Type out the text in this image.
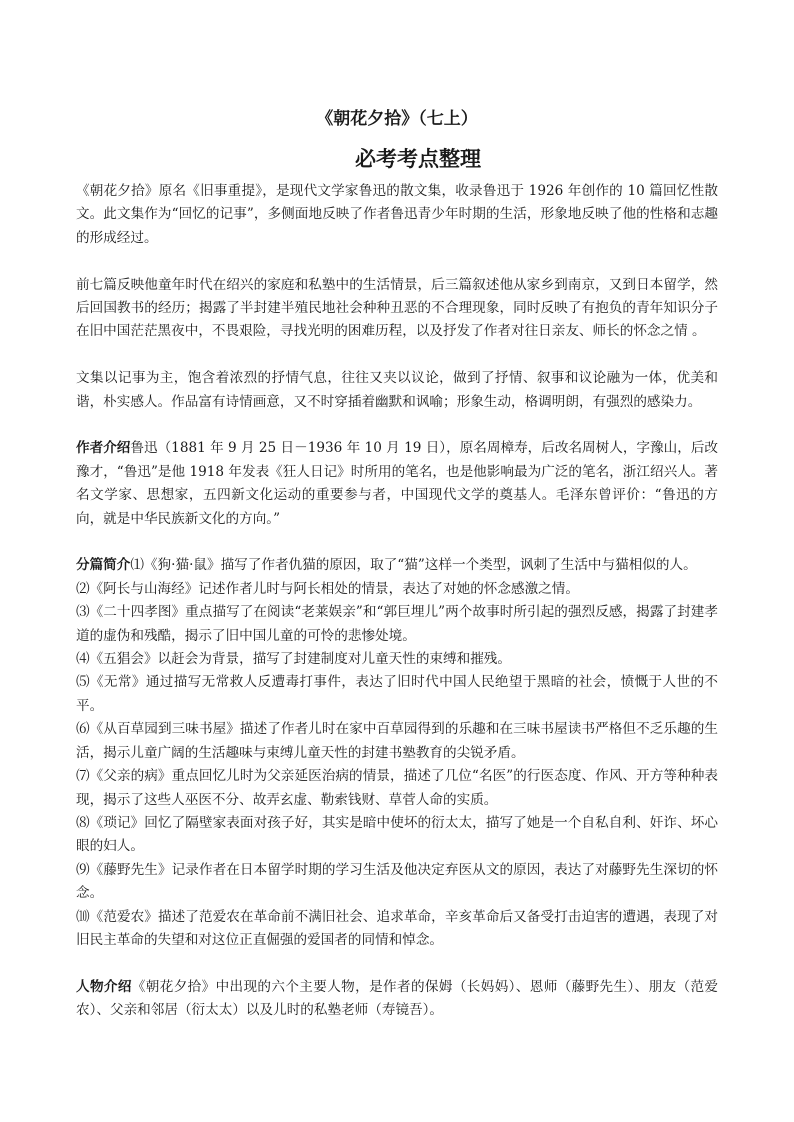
《朝花夕拾》（七上）
必考考点整理

《朝花夕拾》原名《旧事重提》，是现代文学家鲁迅的散文集，收录鲁迅于 1926 年创作的 10 篇回忆性散文。此文集作为“回忆的记事”，多侧面地反映了作者鲁迅青少年时期的生活，形象地反映了他的性格和志趣的形成经过。

前七篇反映他童年时代在绍兴的家庭和私塾中的生活情景，后三篇叙述他从家乡到南京，又到日本留学，然后回国教书的经历；揭露了半封建半殖民地社会种种丑恶的不合理现象，同时反映了有抱负的青年知识分子在旧中国茫茫黑夜中，不畏艰险，寻找光明的困难历程，以及抒发了作者对往日亲友、师长的怀念之情 。

文集以记事为主，饱含着浓烈的抒情气息，往往又夹以议论，做到了抒情、叙事和议论融为一体，优美和谐，朴实感人。作品富有诗情画意，又不时穿插着幽默和讽喻；形象生动，格调明朗，有强烈的感染力。

作者介绍鲁迅（1881 年 9 月 25 日－1936 年 10 月 19 日），原名周樟寿，后改名周树人，字豫山，后改豫才，“鲁迅”是他 1918 年发表《狂人日记》时所用的笔名，也是他影响最为广泛的笔名，浙江绍兴人。著名文学家、思想家，五四新文化运动的重要参与者，中国现代文学的奠基人。毛泽东曾评价：“鲁迅的方向，就是中华民族新文化的方向。”

分篇简介⑴《狗·猫·鼠》描写了作者仇猫的原因，取了“猫”这样一个类型，讽刺了生活中与猫相似的人。

⑵《阿长与山海经》记述作者儿时与阿长相处的情景，表达了对她的怀念感激之情。

⑶《二十四孝图》重点描写了在阅读“老莱娱亲”和“郭巨埋儿”两个故事时所引起的强烈反感，揭露了封建孝道的虚伪和残酷，揭示了旧中国儿童的可怜的悲惨处境。

⑷《五猖会》以赶会为背景，描写了封建制度对儿童天性的束缚和摧残。

⑸《无常》通过描写无常救人反遭毒打事件，表达了旧时代中国人民绝望于黑暗的社会，愤慨于人世的不平。

⑹《从百草园到三味书屋》描述了作者儿时在家中百草园得到的乐趣和在三味书屋读书严格但不乏乐趣的生活，揭示儿童广阔的生活趣味与束缚儿童天性的封建书塾教育的尖锐矛盾。

⑺《父亲的病》重点回忆儿时为父亲延医治病的情景，描述了几位“名医”的行医态度、作风、开方等种种表现，揭示了这些人巫医不分、故弄玄虚、勒索钱财、草菅人命的实质。

⑻《琐记》回忆了隔壁家表面对孩子好，其实是暗中使坏的衍太太，描写了她是一个自私自利、奸诈、坏心眼的妇人。

⑼《藤野先生》记录作者在日本留学时期的学习生活及他决定弃医从文的原因，表达了对藤野先生深切的怀念。

⑽《范爱农》描述了范爱农在革命前不满旧社会、追求革命，辛亥革命后又备受打击迫害的遭遇，表现了对旧民主革命的失望和对这位正直倔强的爱国者的同情和悼念。

人物介绍《朝花夕拾》中出现的六个主要人物，是作者的保姆（长妈妈）、恩师（藤野先生）、朋友（范爱农）、父亲和邻居（衍太太）以及儿时的私塾老师（寿镜吾）。
